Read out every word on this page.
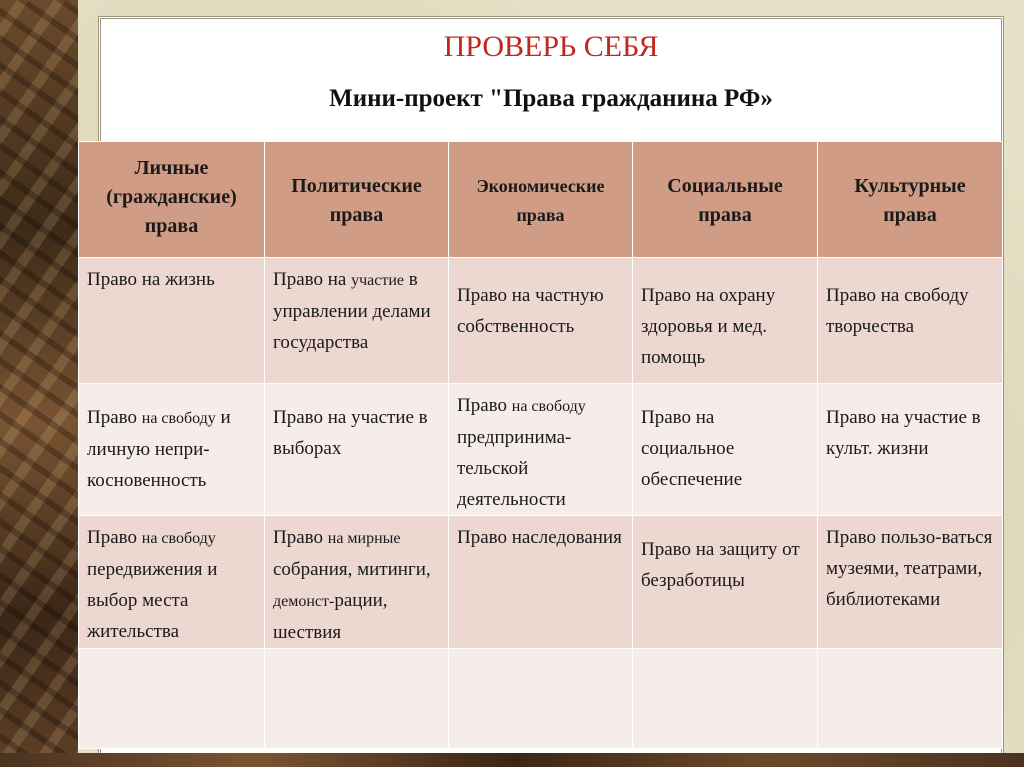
ПРОВЕРЬ СЕБЯ
Мини-проект "Права гражданина РФ»
Личные (гражданские) права	Политические права	Экономические права	Социальные права	Культурные права
Право на жизнь	Право на участие в управлении делами государства	Право на частную собственность	Право на охрану здоровья и мед. помощь	Право на свободу творчества
Право на свободу и личную непри-косновенность	Право на участие в выборах	Право на свободу предпринима-тельской деятельности	Право на социальное обеспечение	Право на участие в культ. жизни
Право на свободу передвижения и выбор места жительства	Право на мирные собрания, митинги, демонст-рации, шествия	Право наследования	Право на защиту от безработицы	Право пользо-ваться музеями, театрами, библиотеками
